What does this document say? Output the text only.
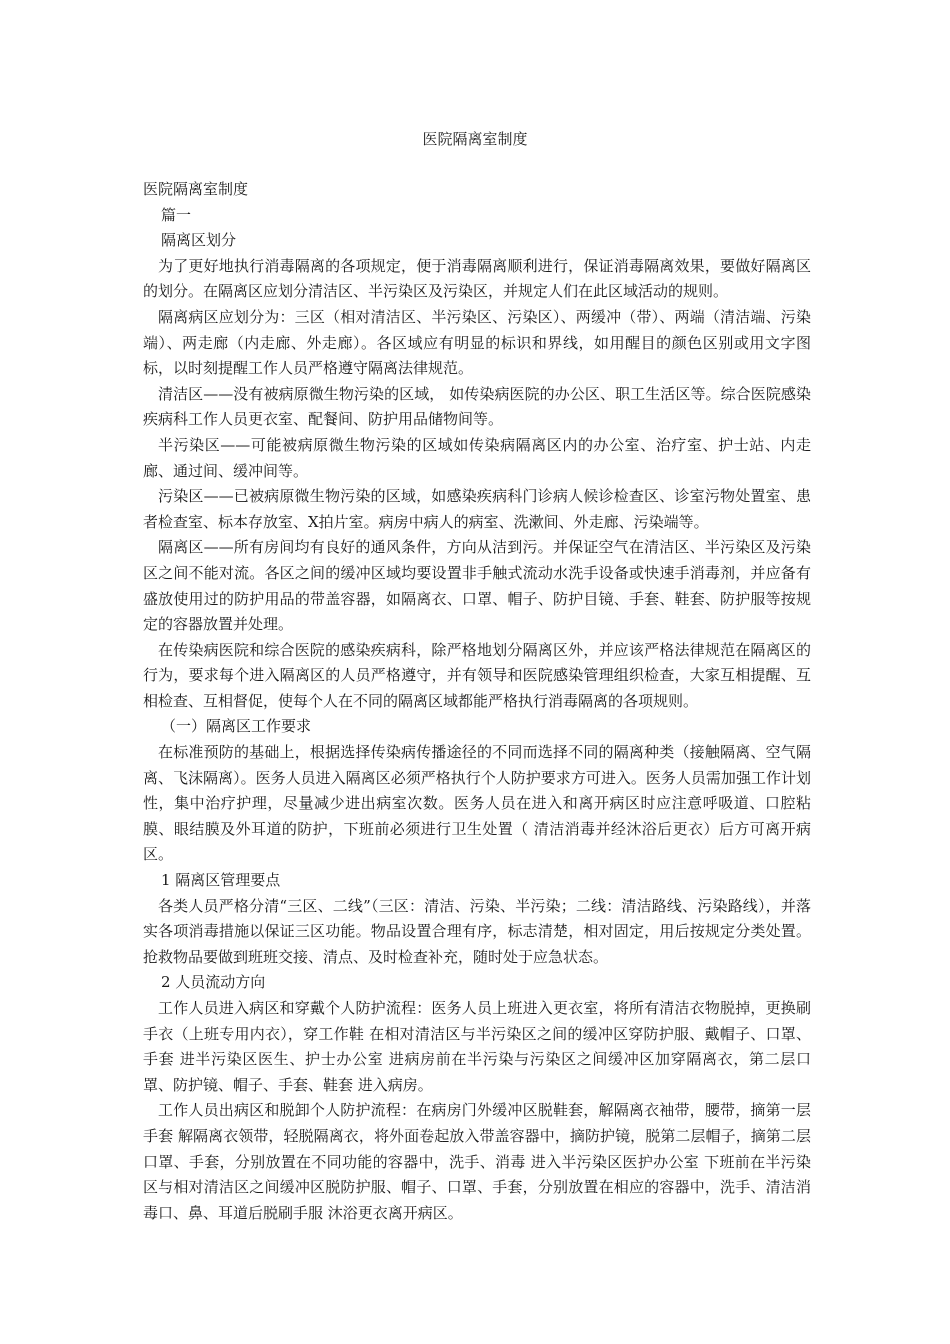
医院隔离室制度

医院隔离室制度

篇一

隔离区划分

为了更好地执行消毒隔离的各项规定，便于消毒隔离顺利进行，保证消毒隔离效果，要做好隔离区的划分。在隔离区应划分清洁区、半污染区及污染区，并规定人们在此区域活动的规则。

隔离病区应划分为：三区（相对清洁区、半污染区、污染区）、两缓冲（带）、两端（清洁端、污染端）、两走廊（内走廊、外走廊）。各区域应有明显的标识和界线，如用醒目的颜色区别或用文字图标，以时刻提醒工作人员严格遵守隔离法律规范。

清洁区——没有被病原微生物污染的区域， 如传染病医院的办公区、职工生活区等。综合医院感染疾病科工作人员更衣室、配餐间、防护用品储物间等。

半污染区——可能被病原微生物污染的区域如传染病隔离区内的办公室、治疗室、护士站、内走廊、通过间、缓冲间等。

污染区——已被病原微生物污染的区域，如感染疾病科门诊病人候诊检查区、诊室污物处置室、患者检查室、标本存放室、X拍片室。病房中病人的病室、洗漱间、外走廊、污染端等。

隔离区——所有房间均有良好的通风条件，方向从洁到污。并保证空气在清洁区、半污染区及污染区之间不能对流。各区之间的缓冲区域均要设置非手触式流动水洗手设备或快速手消毒剂，并应备有盛放使用过的防护用品的带盖容器，如隔离衣、口罩、帽子、防护目镜、手套、鞋套、防护服等按规定的容器放置并处理。

在传染病医院和综合医院的感染疾病科，除严格地划分隔离区外，并应该严格法律规范在隔离区的行为，要求每个进入隔离区的人员严格遵守，并有领导和医院感染管理组织检查，大家互相提醒、互相检查、互相督促，使每个人在不同的隔离区域都能严格执行消毒隔离的各项规则。

（一）隔离区工作要求

在标准预防的基础上，根据选择传染病传播途径的不同而选择不同的隔离种类（接触隔离、空气隔离、飞沫隔离）。医务人员进入隔离区必须严格执行个人防护要求方可进入。医务人员需加强工作计划性，集中治疗护理，尽量减少进出病室次数。医务人员在进入和离开病区时应注意呼吸道、口腔粘膜、眼结膜及外耳道的防护，下班前必须进行卫生处置（ 清洁消毒并经沐浴后更衣）后方可离开病区。

1 隔离区管理要点

各类人员严格分清“三区、二线”（三区：清洁、污染、半污染；二线：清洁路线、污染路线），并落实各项消毒措施以保证三区功能。物品设置合理有序，标志清楚，相对固定，用后按规定分类处置。抢救物品要做到班班交接、清点、及时检查补充，随时处于应急状态。

2 人员流动方向

工作人员进入病区和穿戴个人防护流程：医务人员上班进入更衣室，将所有清洁衣物脱掉，更换刷手衣（上班专用内衣），穿工作鞋 在相对清洁区与半污染区之间的缓冲区穿防护服、戴帽子、口罩、手套 进半污染区医生、护士办公室 进病房前在半污染与污染区之间缓冲区加穿隔离衣，第二层口罩、防护镜、帽子、手套、鞋套 进入病房。

工作人员出病区和脱卸个人防护流程：在病房门外缓冲区脱鞋套，解隔离衣袖带，腰带，摘第一层手套 解隔离衣领带，轻脱隔离衣，将外面卷起放入带盖容器中，摘防护镜，脱第二层帽子，摘第二层口罩、手套，分别放置在不同功能的容器中，洗手、消毒 进入半污染区医护办公室 下班前在半污染区与相对清洁区之间缓冲区脱防护服、帽子、口罩、手套，分别放置在相应的容器中，洗手、清洁消毒口、鼻、耳道后脱刷手服 沐浴更衣离开病区。
